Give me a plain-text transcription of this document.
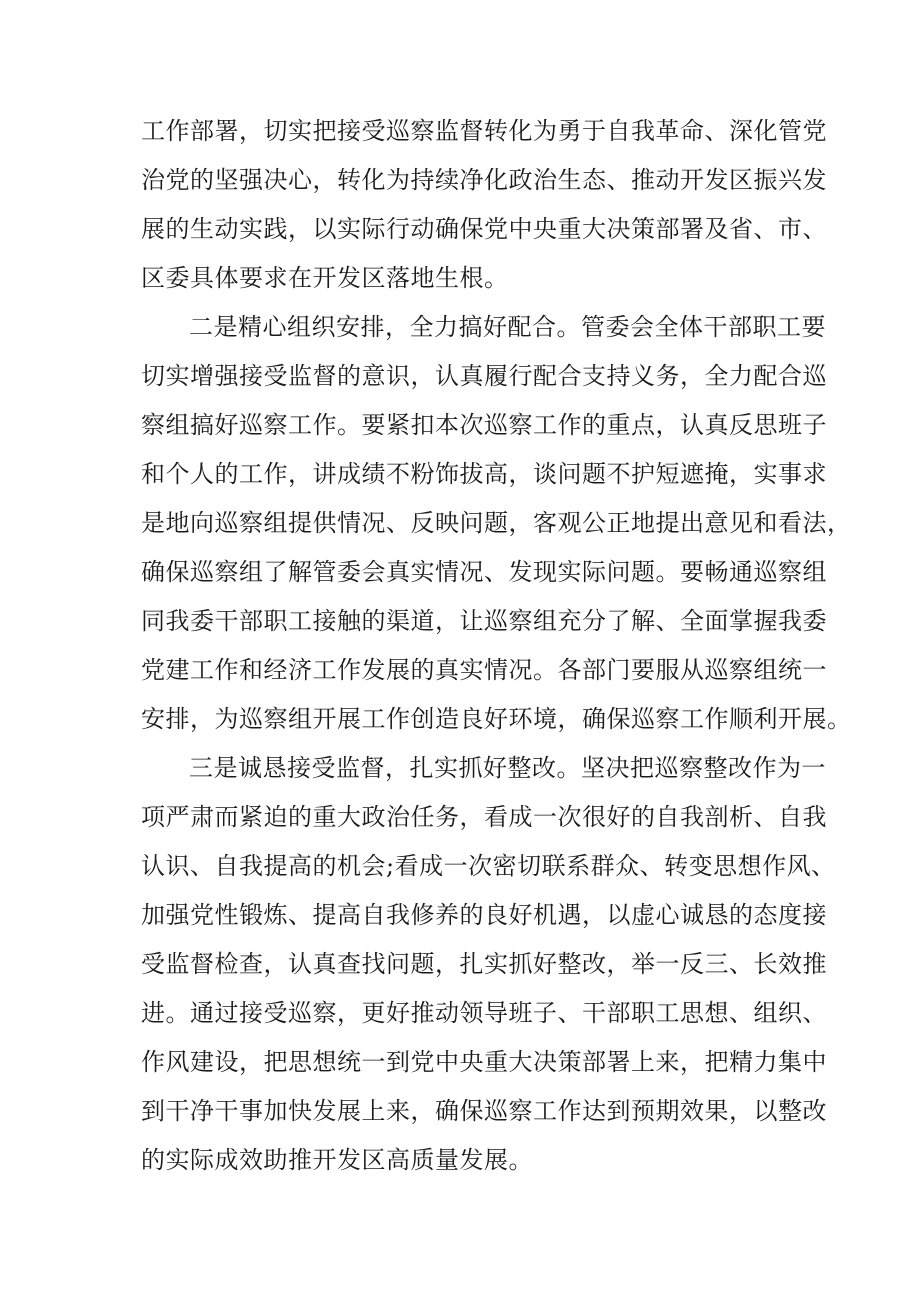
工作部署，切实把接受巡察监督转化为勇于自我革命、深化管党
治党的坚强决心，转化为持续净化政治生态、推动开发区振兴发
展的生动实践，以实际行动确保党中央重大决策部署及省、市、
区委具体要求在开发区落地生根。
二是精心组织安排，全力搞好配合。管委会全体干部职工要
切实增强接受监督的意识，认真履行配合支持义务，全力配合巡
察组搞好巡察工作。要紧扣本次巡察工作的重点，认真反思班子
和个人的工作，讲成绩不粉饰拔高，谈问题不护短遮掩，实事求
是地向巡察组提供情况、反映问题，客观公正地提出意见和看法，
确保巡察组了解管委会真实情况、发现实际问题。要畅通巡察组
同我委干部职工接触的渠道，让巡察组充分了解、全面掌握我委
党建工作和经济工作发展的真实情况。各部门要服从巡察组统一
安排，为巡察组开展工作创造良好环境，确保巡察工作顺利开展。
三是诚恳接受监督，扎实抓好整改。坚决把巡察整改作为一
项严肃而紧迫的重大政治任务，看成一次很好的自我剖析、自我
认识、自我提高的机会;看成一次密切联系群众、转变思想作风、
加强党性锻炼、提高自我修养的良好机遇，以虚心诚恳的态度接
受监督检查，认真查找问题，扎实抓好整改，举一反三、长效推
进。通过接受巡察，更好推动领导班子、干部职工思想、组织、
作风建设，把思想统一到党中央重大决策部署上来，把精力集中
到干净干事加快发展上来，确保巡察工作达到预期效果，以整改
的实际成效助推开发区高质量发展。
